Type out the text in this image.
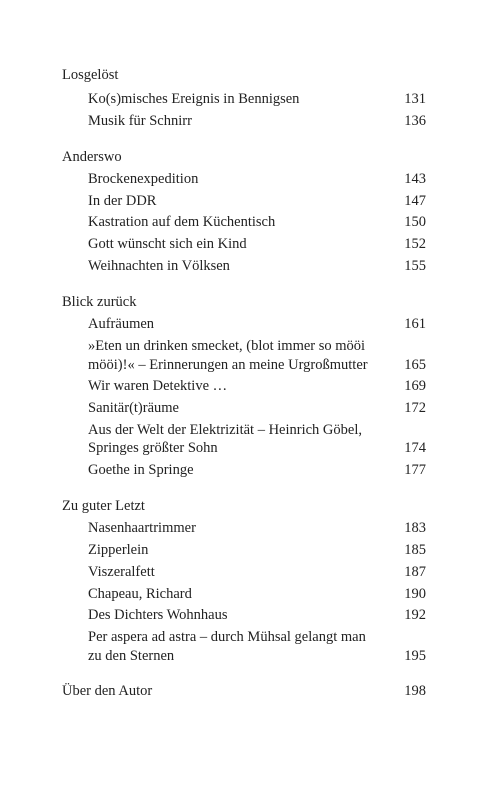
Losgelöst
Ko(s)misches Ereignis in Bennigsen	131
Musik für Schnirr	136
Anderswo
Brockenexpedition	143
In der DDR	147
Kastration auf dem Küchentisch	150
Gott wünscht sich ein Kind	152
Weihnachten in Völksen	155
Blick zurück
Aufräumen	161
»Eten un drinken smecket, (blot immer so mööi
mööi)!« – Erinnerungen an meine Urgroßmutter	165
Wir waren Detektive …	169
Sanitär(t)räume	172
Aus der Welt der Elektrizität – Heinrich Göbel,
Springes größter Sohn	174
Goethe in Springe	177
Zu guter Letzt
Nasenhaartrimmer	183
Zipperlein	185
Viszeralfett	187
Chapeau, Richard	190
Des Dichters Wohnhaus	192
Per aspera ad astra – durch Mühsal gelangt man
zu den Sternen	195
Über den Autor	198
